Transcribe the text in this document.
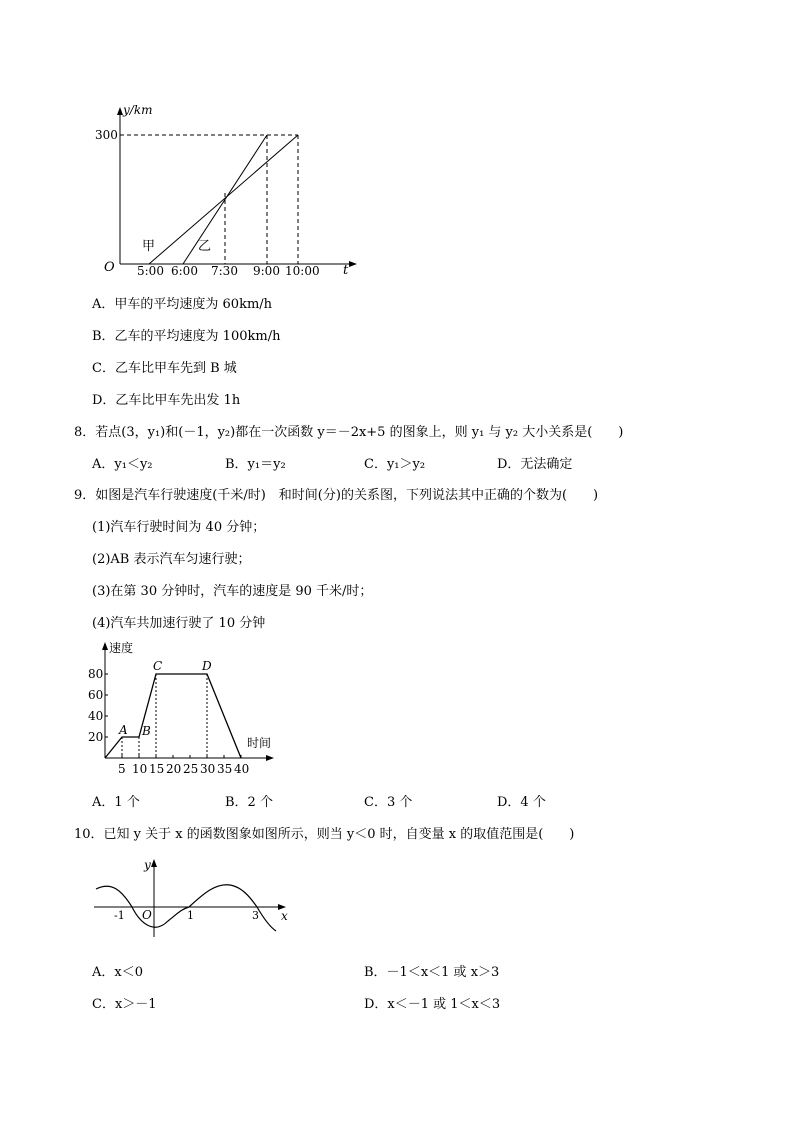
y/km
t
O
300
5:00 6:00 7:30 9:00 10:00
甲	乙
A．甲车的平均速度为 60km/h
B．乙车的平均速度为 100km/h
C．乙车比甲车先到 B 城
D．乙车比甲车先出发 1h
8．若点(3，y₁)和(－1，y₂)都在一次函数 y＝－2x+5 的图象上，则 y₁ 与 y₂ 大小关系是(　　)
A．y₁＜y₂	B．y₁＝y₂	C．y₁＞y₂	D．无法确定
9．如图是汽车行驶速度(千米/时)　和时间(分)的关系图，下列说法其中正确的个数为(　　)
(1)汽车行驶时间为 40 分钟；
(2)AB 表示汽车匀速行驶；
(3)在第 30 分钟时，汽车的速度是 90 千米/时；
(4)汽车共加速行驶了 10 分钟
速度
时间
80
60
40
20
5 10 15 20 25 30 35 40
A B
C	D
A．1 个	B．2 个	C．3 个	D．4 个
10．已知 y 关于 x 的函数图象如图所示，则当 y＜0 时，自变量 x 的取值范围是(　　)
y
x
O
-1	1	3
A．x＜0	B．－1＜x＜1 或 x＞3
C．x＞－1	D．x＜－1 或 1＜x＜3
